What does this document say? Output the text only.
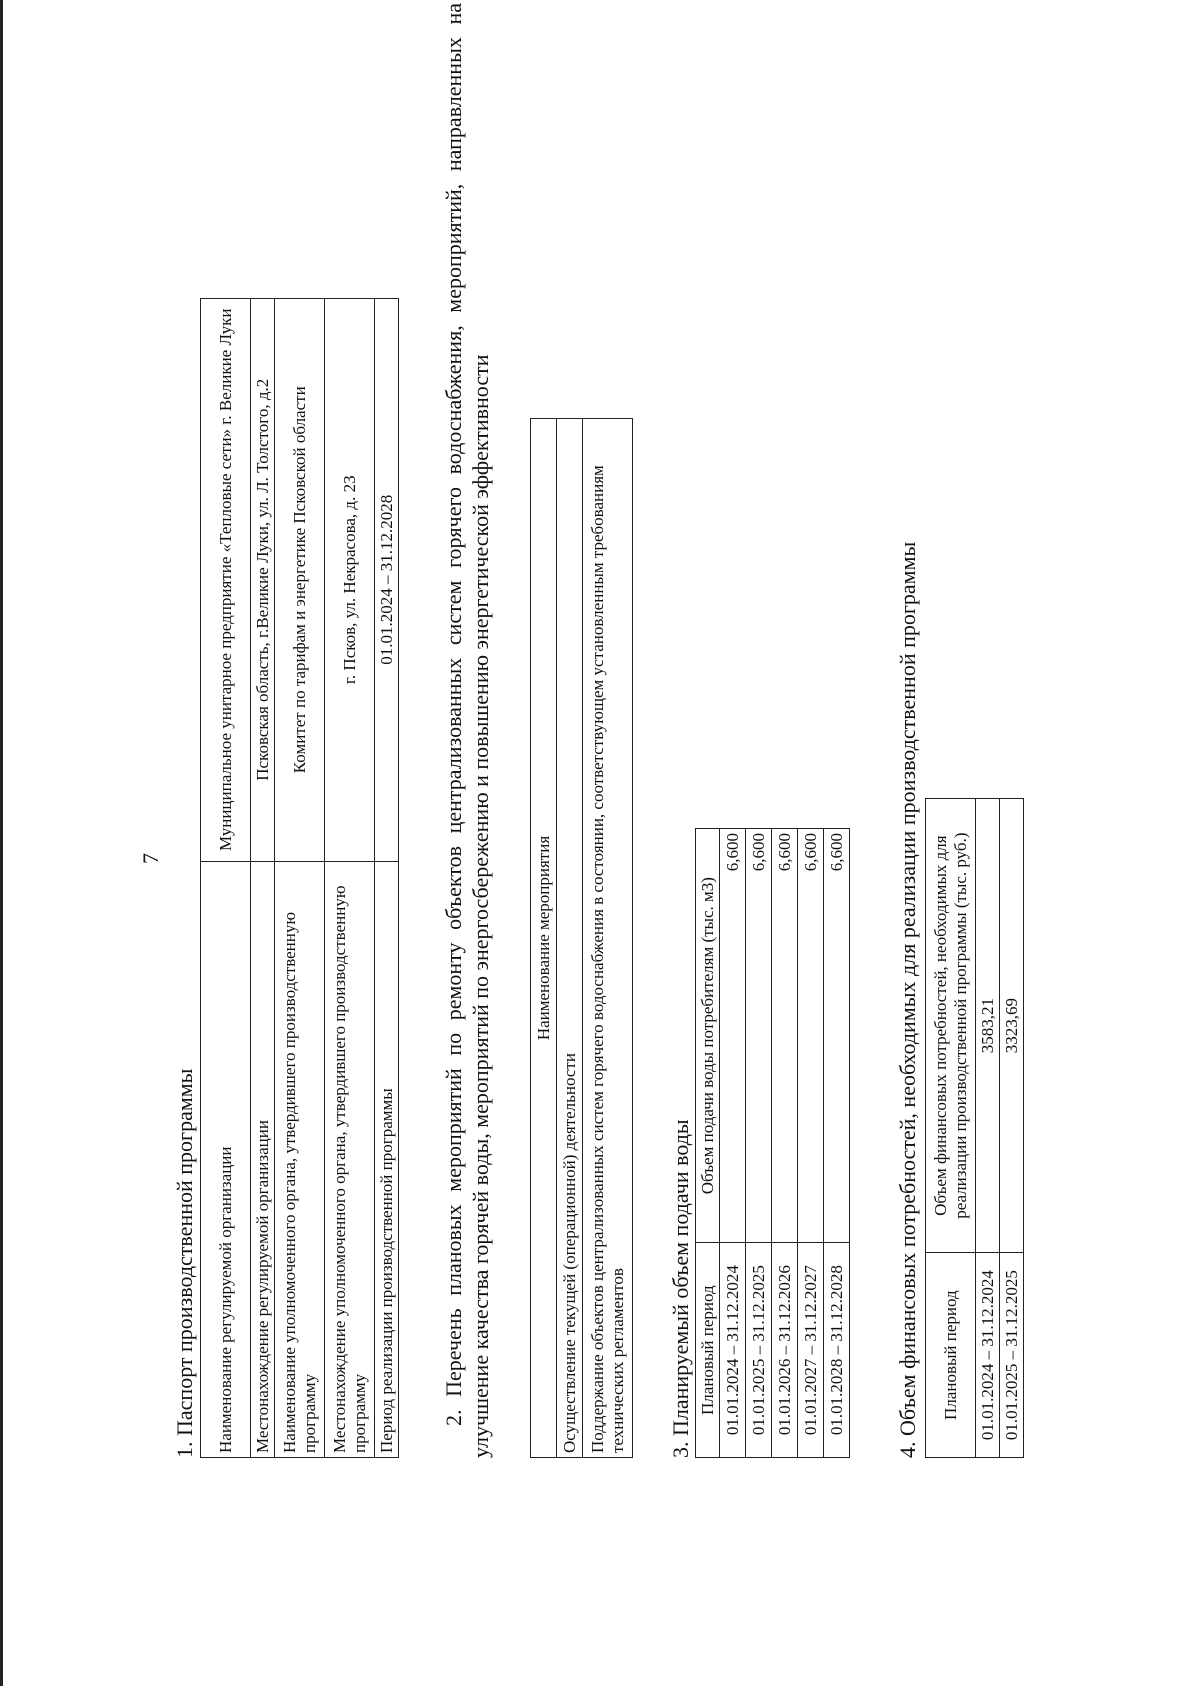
7
1. Паспорт производственной программы Наименование регулируемой организации	Муниципальное унитарное предприятие «Тепловые сети» г. Великие Луки
Местонахождение регулируемой организации	Псковская область, г.Великие Луки, ул. Л. Толстого, д.2
Наименование уполномоченного органа, утвердившего производственную программу	Комитет по тарифам и энергетике Псковской области
Местонахождение уполномоченного органа, утвердившего производственную программу	г. Псков, ул. Некрасова, д. 23
Период реализации производственной программы	01.01.2024 – 31.12.2028 2. Перечень плановых мероприятий по ремонту объектов централизованных систем горячего водоснабжения, мероприятий, направленных на улучшение качества горячей воды, мероприятий по энергосбережению и повышению энергетической эффективности Наименование мероприятия
Осуществление текущей (операционной) деятельности
Поддержание объектов централизованных систем горячего водоснабжения в состоянии, соответствующем установленным требованиям технических регламентов 3. Планируемый объем подачи воды Плановый период	Объем подачи воды потребителям (тыс. м3)
01.01.2024 – 31.12.2024	6,600
01.01.2025 – 31.12.2025	6,600
01.01.2026 – 31.12.2026	6,600
01.01.2027 – 31.12.2027	6,600
01.01.2028 – 31.12.2028	6,600 4. Объем финансовых потребностей, необходимых для реализации производственной программы Плановый период	Объем финансовых потребностей, необходимых для реализации производственной программы (тыс. руб.)
01.01.2024 – 31.12.2024	3583,21
01.01.2025 – 31.12.2025	3323,69
